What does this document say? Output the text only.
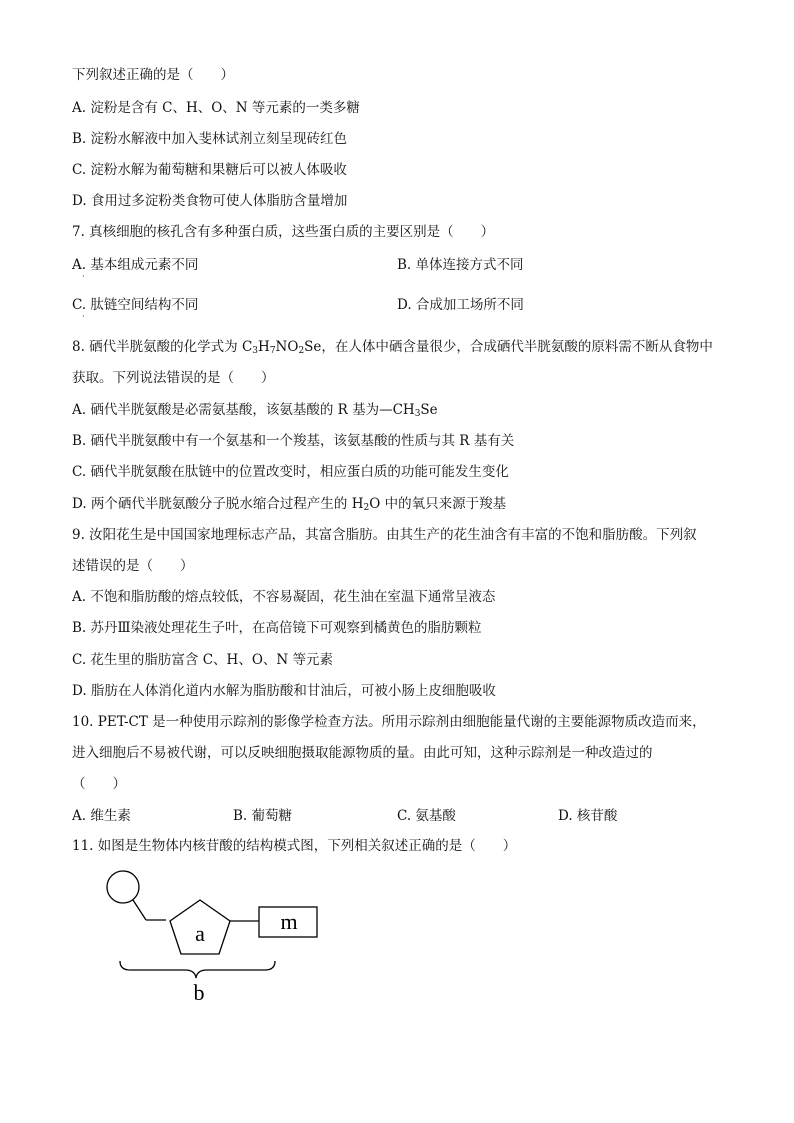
下列叙述正确的是（　　）
A. 淀粉是含有 C、H、O、N 等元素的一类多糖
B. 淀粉水解液中加入斐林试剂立刻呈现砖红色
C. 淀粉水解为葡萄糖和果糖后可以被人体吸收
D. 食用过多淀粉类食物可使人体脂肪含量增加
7. 真核细胞的核孔含有多种蛋白质，这些蛋白质的主要区别是（　　）
A. 基本组成元素不同	B. 单体连接方式不同
·
C. 肽链空间结构不同	D. 合成加工场所不同
·
8. 硒代半胱氨酸的化学式为 $C_3H_7NO_2Se$，在人体中硒含量很少，合成硒代半胱氨酸的原料需不断从食物中
获取。下列说法错误的是（　　）
A. 硒代半胱氨酸是必需氨基酸，该氨基酸的 R 基为$—CH_3Se$
B. 硒代半胱氨酸中有一个氨基和一个羧基，该氨基酸的性质与其 R 基有关
C. 硒代半胱氨酸在肽链中的位置改变时，相应蛋白质的功能可能发生变化
D. 两个硒代半胱氨酸分子脱水缩合过程产生的 $H_2O$ 中的氧只来源于羧基
9. 汝阳花生是中国国家地理标志产品，其富含脂肪。由其生产的花生油含有丰富的不饱和脂肪酸。下列叙
述错误的是（　　）
A. 不饱和脂肪酸的熔点较低，不容易凝固，花生油在室温下通常呈液态
B. 苏丹Ⅲ染液处理花生子叶，在高倍镜下可观察到橘黄色的脂肪颗粒
C. 花生里的脂肪富含 C、H、O、N 等元素
D. 脂肪在人体消化道内水解为脂肪酸和甘油后，可被小肠上皮细胞吸收
10. PET-CT 是一种使用示踪剂的影像学检查方法。所用示踪剂由细胞能量代谢的主要能源物质改造而来，
进入细胞后不易被代谢，可以反映细胞摄取能源物质的量。由此可知，这种示踪剂是一种改造过的
（　　）
A. 维生素	B. 葡萄糖	C. 氨基酸	D. 核苷酸
11. 如图是生物体内核苷酸的结构模式图，下列相关叙述正确的是（　　）
a	m
b
